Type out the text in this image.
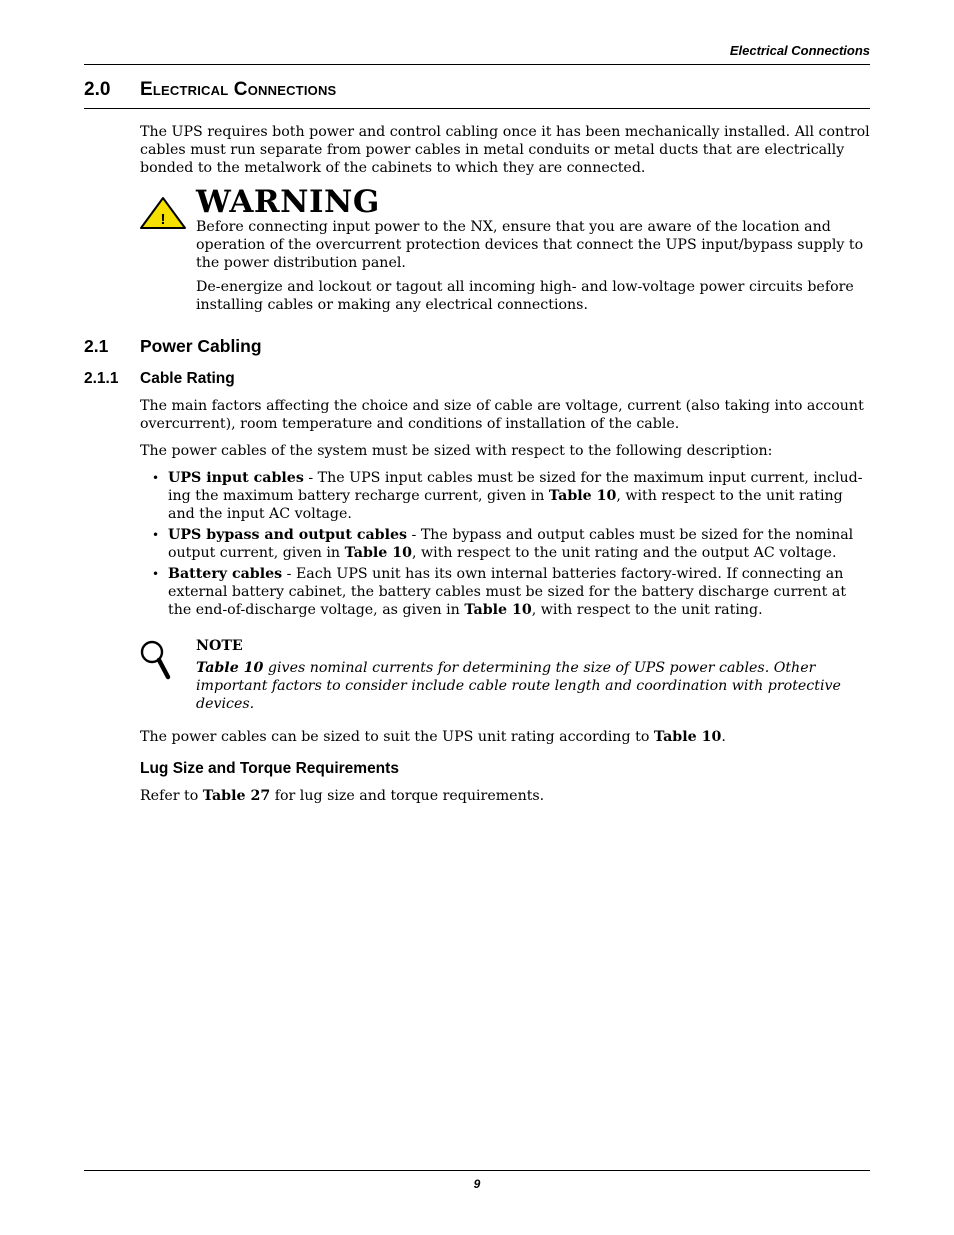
Electrical Connections
2.0 Electrical Connections
The UPS requires both power and control cabling once it has been mechanically installed. All control cables must run separate from power cables in metal conduits or metal ducts that are electrically bonded to the metalwork of the cabinets to which they are connected.
! WARNING
Before connecting input power to the NX, ensure that you are aware of the location and operation of the overcurrent protection devices that connect the UPS input/bypass supply to the power distribution panel.
De-energize and lockout or tagout all incoming high- and low-voltage power circuits before installing cables or making any electrical connections.
2.1 Power Cabling
2.1.1 Cable Rating
The main factors affecting the choice and size of cable are voltage, current (also taking into account overcurrent), room temperature and conditions of installation of the cable.
The power cables of the system must be sized with respect to the following description:
• UPS input cables - The UPS input cables must be sized for the maximum input current, includ-ing the maximum battery recharge current, given in Table 10, with respect to the unit rating and the input AC voltage.
• UPS bypass and output cables - The bypass and output cables must be sized for the nominal output current, given in Table 10, with respect to the unit rating and the output AC voltage.
• Battery cables - Each UPS unit has its own internal batteries factory-wired. If connecting an external battery cabinet, the battery cables must be sized for the battery discharge current at the end-of-discharge voltage, as given in Table 10, with respect to the unit rating.
NOTE
Table 10 gives nominal currents for determining the size of UPS power cables. Other important factors to consider include cable route length and coordination with protective devices.
The power cables can be sized to suit the UPS unit rating according to Table 10.
Lug Size and Torque Requirements
Refer to Table 27 for lug size and torque requirements.
9
